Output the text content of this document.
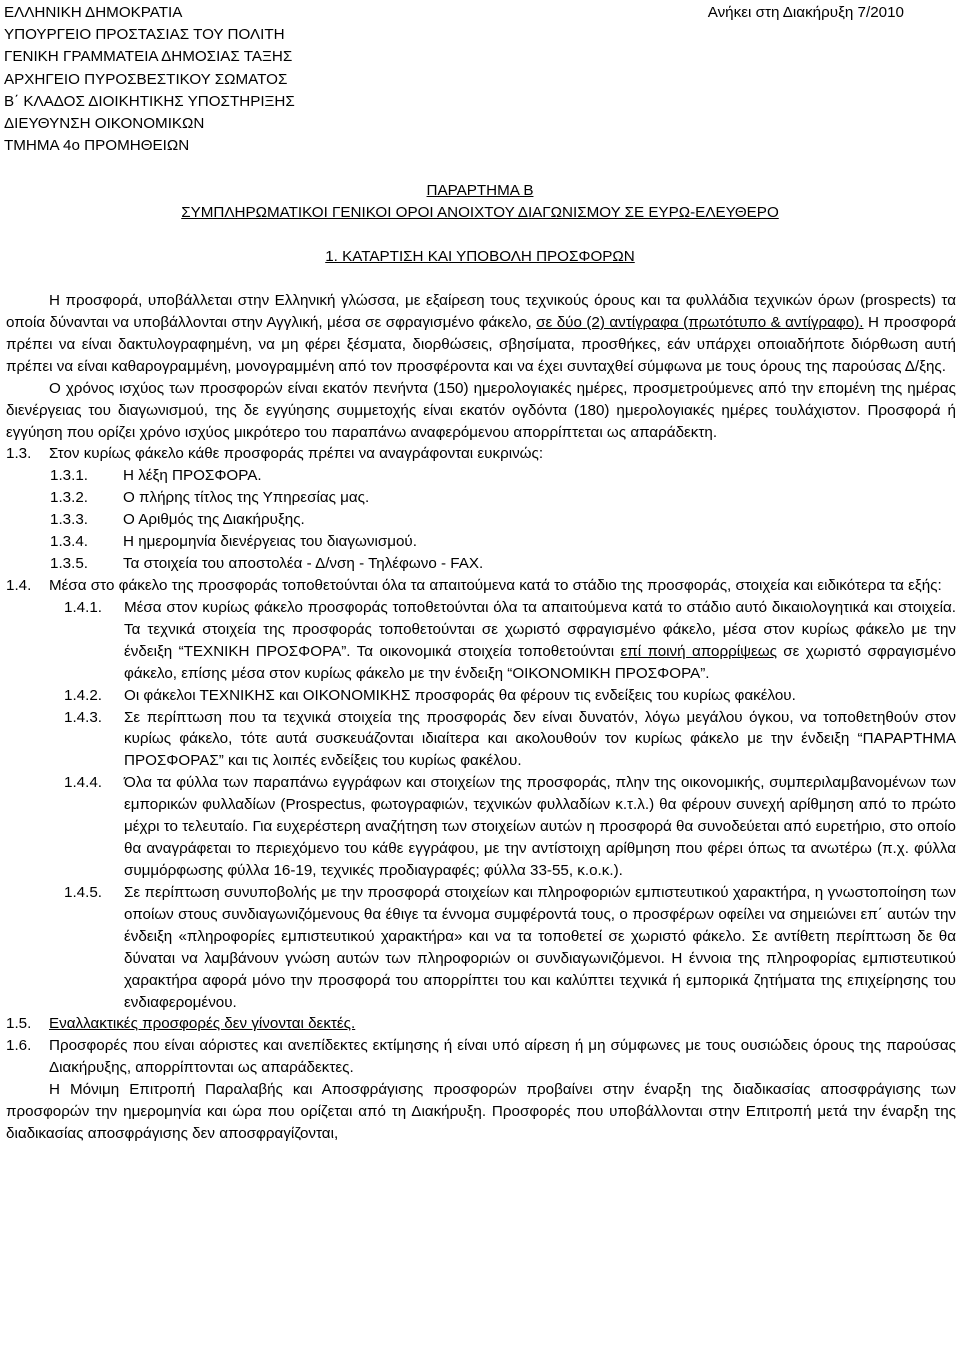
ΕΛΛΗΝΙΚΗ ΔΗΜΟΚΡΑΤΙΑ
ΥΠΟΥΡΓΕΙΟ ΠΡΟΣΤΑΣΙΑΣ ΤΟΥ ΠΟΛΙΤΗ
ΓΕΝΙΚΗ ΓΡΑΜΜΑΤΕΙΑ ΔΗΜΟΣΙΑΣ ΤΑΞΗΣ
ΑΡΧΗΓΕΙΟ ΠΥΡΟΣΒΕΣΤΙΚΟΥ ΣΩΜΑΤΟΣ
Β΄ ΚΛΑΔΟΣ ΔΙΟΙΚΗΤΙΚΗΣ ΥΠΟΣΤΗΡΙΞΗΣ
ΔΙΕΥΘΥΝΣΗ ΟΙΚΟΝΟΜΙΚΩΝ
ΤΜΗΜΑ 4ο ΠΡΟΜΗΘΕΙΩΝ
Ανήκει στη Διακήρυξη 7/2010
ΠΑΡΑΡΤΗΜΑ Β
ΣΥΜΠΛΗΡΩΜΑΤΙΚΟΙ ΓΕΝΙΚΟΙ ΟΡΟΙ ΑΝΟΙΧΤΟΥ ΔΙΑΓΩΝΙΣΜΟΥ ΣΕ ΕΥΡΩ-ΕΛΕΥΘΕΡΟ
1. ΚΑΤΑΡΤΙΣΗ ΚΑΙ ΥΠΟΒΟΛΗ ΠΡΟΣΦΟΡΩΝ
Η προσφορά, υποβάλλεται στην Ελληνική γλώσσα, με εξαίρεση τους τεχνικούς όρους και τα φυλλάδια τεχνικών όρων (prospects) τα οποία δύνανται να υποβάλλονται στην Αγγλική, μέσα σε σφραγισμένο φάκελο, σε δύο (2) αντίγραφα (πρωτότυπο & αντίγραφο). Η προσφορά πρέπει να είναι δακτυλογραφημένη, να μη φέρει ξέσματα, διορθώσεις, σβησίματα, προσθήκες, εάν υπάρχει οποιαδήποτε διόρθωση αυτή πρέπει να είναι καθαρογραμμένη, μονογραμμένη από τον προσφέροντα και να έχει συνταχθεί σύμφωνα με τους όρους της παρούσας Δ/ξης.
Ο χρόνος ισχύος των προσφορών είναι εκατόν πενήντα (150) ημερολογιακές ημέρες, προσμετρούμενες από την επομένη της ημέρας διενέργειας του διαγωνισμού, της δε εγγύησης συμμετοχής είναι εκατόν ογδόντα (180) ημερολογιακές ημέρες τουλάχιστον. Προσφορά ή εγγύηση που ορίζει χρόνο ισχύος μικρότερο του παραπάνω αναφερόμενου απορρίπτεται ως απαράδεκτη.
1.3. Στον κυρίως φάκελο κάθε προσφοράς πρέπει να αναγράφονται ευκρινώς:
1.3.1. Η λέξη ΠΡΟΣΦΟΡΑ.
1.3.2. Ο πλήρης τίτλος της Υπηρεσίας μας.
1.3.3. Ο Αριθμός της Διακήρυξης.
1.3.4. Η ημερομηνία διενέργειας του διαγωνισμού.
1.3.5. Τα στοιχεία του αποστολέα - Δ/νση - Τηλέφωνο - FAX.
1.4. Μέσα στο φάκελο της προσφοράς τοποθετούνται όλα τα απαιτούμενα κατά το στάδιο της προσφοράς, στοιχεία και ειδικότερα τα εξής:
1.4.1. Μέσα στον κυρίως φάκελο προσφοράς τοποθετούνται όλα τα απαιτούμενα κατά το στάδιο αυτό δικαιολογητικά και στοιχεία. Τα τεχνικά στοιχεία της προσφοράς τοποθετούνται σε χωριστό σφραγισμένο φάκελο, μέσα στον κυρίως φάκελο με την ένδειξη “ΤΕΧΝΙΚΗ ΠΡΟΣΦΟΡΑ”. Τα οικονομικά στοιχεία τοποθετούνται επί ποινή απορρίψεως σε χωριστό σφραγισμένο φάκελο, επίσης μέσα στον κυρίως φάκελο με την ένδειξη “ΟΙΚΟΝΟΜΙΚΗ ΠΡΟΣΦΟΡΑ”.
1.4.2. Οι φάκελοι ΤΕΧΝΙΚΗΣ και ΟΙΚΟΝΟΜΙΚΗΣ προσφοράς θα φέρουν τις ενδείξεις του κυρίως φακέλου.
1.4.3. Σε περίπτωση που τα τεχνικά στοιχεία της προσφοράς δεν είναι δυνατόν, λόγω μεγάλου όγκου, να τοποθετηθούν στον κυρίως φάκελο, τότε αυτά συσκευάζονται ιδιαίτερα και ακολουθούν τον κυρίως φάκελο με την ένδειξη “ΠΑΡΑΡΤΗΜΑ ΠΡΟΣΦΟΡΑΣ” και τις λοιπές ενδείξεις του κυρίως φακέλου.
1.4.4. Όλα τα φύλλα των παραπάνω εγγράφων και στοιχείων της προσφοράς, πλην της οικονομικής, συμπεριλαμβανομένων των εμπορικών φυλλαδίων (Prospectus, φωτογραφιών, τεχνικών φυλλαδίων κ.τ.λ.) θα φέρουν συνεχή αρίθμηση από το πρώτο μέχρι το τελευταίο. Για ευχερέστερη αναζήτηση των στοιχείων αυτών η προσφορά θα συνοδεύεται από ευρετήριο, στο οποίο θα αναγράφεται το περιεχόμενο του κάθε εγγράφου, με την αντίστοιχη αρίθμηση που φέρει όπως τα ανωτέρω (π.χ. φύλλα συμμόρφωσης φύλλα 16-19, τεχνικές προδιαγραφές; φύλλα 33-55, κ.ο.κ.).
1.4.5. Σε περίπτωση συνυποβολής με την προσφορά στοιχείων και πληροφοριών εμπιστευτικού χαρακτήρα, η γνωστοποίηση των οποίων στους συνδιαγωνιζόμενους θα έθιγε τα έννομα συμφέροντά τους, ο προσφέρων οφείλει να σημειώνει επ΄ αυτών την ένδειξη «πληροφορίες εμπιστευτικού χαρακτήρα» και να τα τοποθετεί σε χωριστό φάκελο. Σε αντίθετη περίπτωση δε θα δύναται να λαμβάνουν γνώση αυτών των πληροφοριών οι συνδιαγωνιζόμενοι. Η έννοια της πληροφορίας εμπιστευτικού χαρακτήρα αφορά μόνο την προσφορά του απορρίπτει του και καλύπτει τεχνικά ή εμπορικά ζητήματα της επιχείρησης του ενδιαφερομένου.
1.5. Εναλλακτικές προσφορές δεν γίνονται δεκτές.
1.6. Προσφορές που είναι αόριστες και ανεπίδεκτες εκτίμησης ή είναι υπό αίρεση ή μη σύμφωνες με τους ουσιώδεις όρους της παρούσας Διακήρυξης, απορρίπτονται ως απαράδεκτες.
Η Μόνιμη Επιτροπή Παραλαβής και Αποσφράγισης προσφορών προβαίνει στην έναρξη της διαδικασίας αποσφράγισης των προσφορών την ημερομηνία και ώρα που ορίζεται από τη Διακήρυξη. Προσφορές που υποβάλλονται στην Επιτροπή μετά την έναρξη της διαδικασίας αποσφράγισης δεν αποσφραγίζονται,
